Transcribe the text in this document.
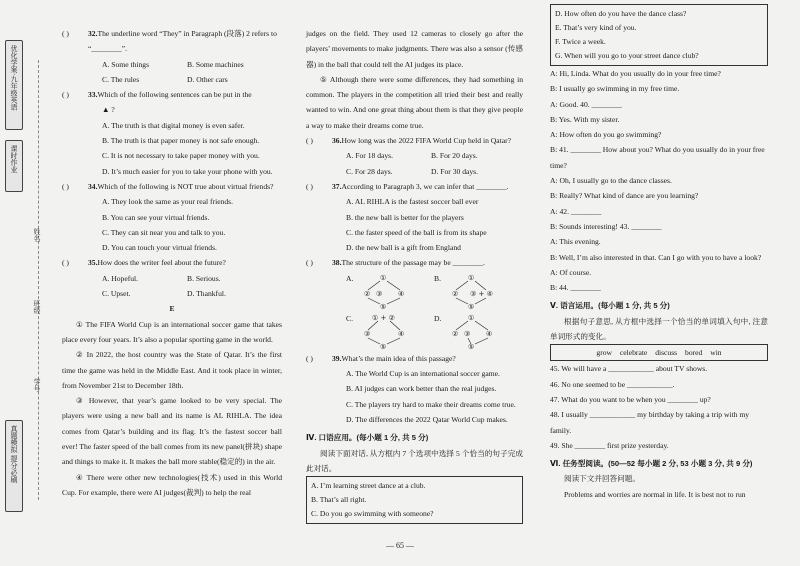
优化学案·九年级英语
课时作业
真题模拟 提分必刷
姓名
班级
学号
( )	32.The underline word “They” in Paragraph (段落) 2 refers to “________”.
A. Some things	B. Some machines
C. The rules	D. Other cars
( )	33.Which of the following sentences can be put in the
▲ ?
A. The truth is that digital money is even safer.
B. The truth is that paper money is not safe enough.
C. It is not necessary to take paper money with you.
D. It’s much easier for you to take your phone with you.
( )	34.Which of the following is NOT true about virtual friends?
A. They look the same as your real friends.
B. You can see your virtual friends.
C. They can sit near you and talk to you.
D. You can touch your virtual friends.
( )	35.How does the writer feel about the future?
A. Hopeful.	B. Serious.
C. Upset.	D. Thankful.
E
① The FIFA World Cup is an international soccer game that takes place every four years. It’s also a popular sporting game in the world.
② In 2022, the host country was the State of Qatar. It’s the first time the game was held in the Middle East. And it took place in winter, from November 21st to December 18th.
③ However, that year’s game looked to be very special. The players were using a new ball and its name is AL RIHLA. The idea comes from Qatar’s building and its flag. It’s the fastest soccer ball ever! The faster speed of the ball comes from its new panel(拼块) shape and things to make it. It makes the ball more stable(稳定的) in the air.
④ There were other new technologies(技术) used in this World Cup. For example, there were AI judges(裁判) to help the real
judges on the field. They used 12 cameras to closely go after the players’ movements to make judgments. There was also a sensor (传感器) in the ball that could tell the AI judges its place.
⑤ Although there were some differences, they had something in common. The players in the competition all tried their best and really wanted to win. And one great thing about them is that they give people a way to make their dreams come true.
( )	36.How long was the 2022 FIFA World Cup held in Qatar?
A. For 18 days.	B. For 20 days.
C. For 28 days.	D. For 30 days.
( )	37.According to Paragraph 3, we can infer that ________.
A. AL RIHLA is the fastest soccer ball ever
B. the new ball is better for the players
C. the faster speed of the ball is from its shape
D. the new ball is a gift from England
( )	38.The structure of the passage may be ________.
A.	①
② ③ ④
⑤
B.	①
② ③ + ④
⑤
C.	① + ②
③	④
⑤
D.	①
② ③ ④
⑤
( )	39.What’s the main idea of this passage?
A. The World Cup is an international soccer game.
B. AI judges can work better than the real judges.
C. The players try hard to make their dreams come true.
D. The differences the 2022 Qatar World Cup makes.
Ⅳ. 口语应用。(每小题 1 分, 共 5 分)
阅读下面对话, 从方框内 7 个选项中选择 5 个恰当的句子完成此对话。
A. I’m learning street dance at a club.
B. That’s all right.
C. Do you go swimming with someone?
— 65 —
D. How often do you have the dance class?
E. That’s very kind of you.
F. Twice a week.
G. When will you go to your street dance club?
A: Hi, Linda. What do you usually do in your free time?
B: I usually go swimming in my free time.
A: Good. 40. ________
B: Yes. With my sister.
A: How often do you go swimming?
B: 41. ________ How about you? What do you usually do in your free time?
A: Oh, I usually go to the dance classes.
B: Really? What kind of dance are you learning?
A: 42. ________
B: Sounds interesting! 43. ________
A: This evening.
B: Well, I’m also interested in that. Can I go with you to have a look?
A: Of course.
B: 44. ________
Ⅴ. 语言运用。(每小题 1 分, 共 5 分)
根据句子意思, 从方框中选择一个恰当的单词填入句中, 注意单词形式的变化。
grow celebrate discuss bored win
45. We will have a ____________ about TV shows.
46. No one seemed to be ____________.
47. What do you want to be when you ________ up?
48. I usually ____________ my birthday by taking a trip with my family.
49. She ________ first prize yesterday.
Ⅵ. 任务型阅读。(50—52 每小题 2 分, 53 小题 3 分, 共 9 分)
阅读下文并回答问题。
Problems and worries are normal in life. It is best not to run
